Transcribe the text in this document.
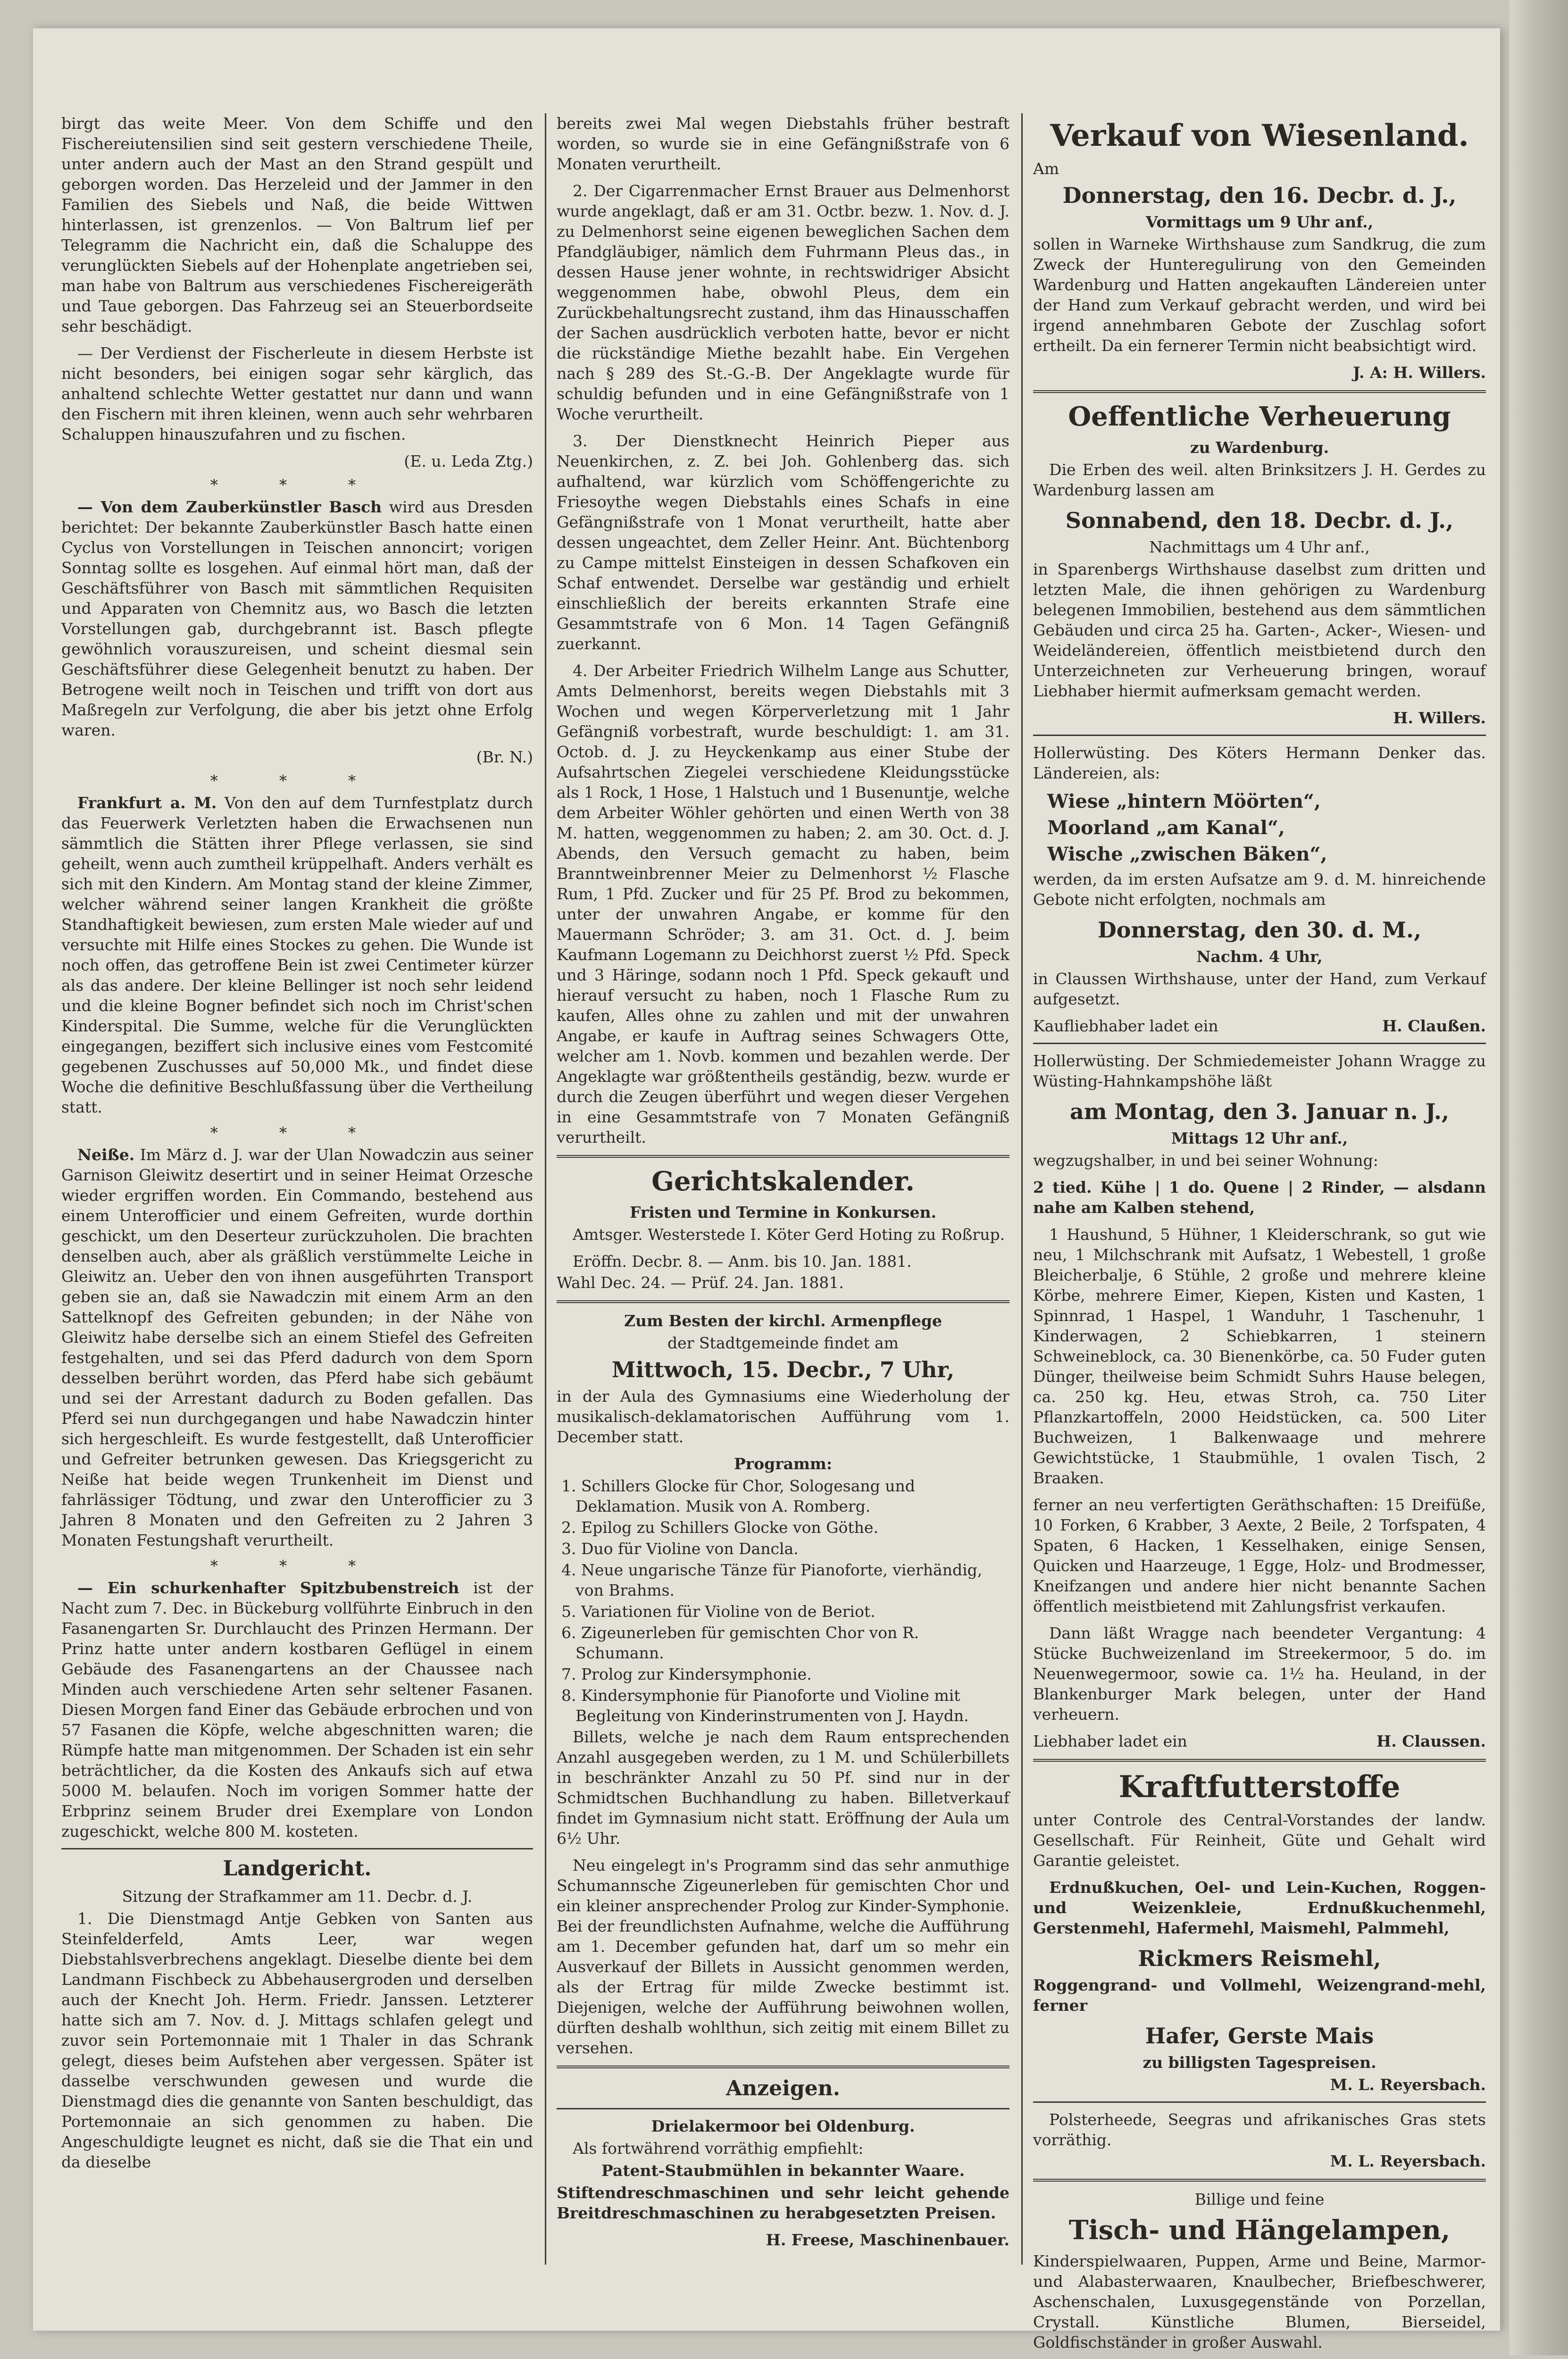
birgt das weite Meer. Von dem Schiffe und den Fischereiutensilien sind seit gestern verschiedene Theile, unter andern auch der Mast an den Strand gespült und geborgen worden. Das Herzeleid und der Jammer in den Familien des Siebels und Naß, die beide Wittwen hinterlassen, ist grenzenlos. — Von Baltrum lief per Telegramm die Nachricht ein, daß die Schaluppe des verunglückten Siebels auf der Hohenplate angetrieben sei, man habe von Baltrum aus verschiedenes Fischereigeräth und Taue geborgen. Das Fahrzeug sei an Steuerbordseite sehr beschädigt.

— Der Verdienst der Fischerleute in diesem Herbste ist nicht besonders, bei einigen sogar sehr kärglich, das anhaltend schlechte Wetter gestattet nur dann und wann den Fischern mit ihren kleinen, wenn auch sehr wehrbaren Schaluppen hinauszufahren und zu fischen.

(E. u. Leda Ztg.)
* * *

— Von dem Zauberkünstler Basch wird aus Dresden berichtet: Der bekannte Zauberkünstler Basch hatte einen Cyclus von Vorstellungen in Teischen annoncirt; vorigen Sonntag sollte es losgehen. Auf einmal hört man, daß der Geschäftsführer von Basch mit sämmtlichen Requisiten und Apparaten von Chemnitz aus, wo Basch die letzten Vorstellungen gab, durchgebrannt ist. Basch pflegte gewöhnlich vorauszureisen, und scheint diesmal sein Geschäftsführer diese Gelegenheit benutzt zu haben. Der Betrogene weilt noch in Teischen und trifft von dort aus Maßregeln zur Verfolgung, die aber bis jetzt ohne Erfolg waren.

(Br. N.)
* * *

Frankfurt a. M. Von den auf dem Turnfestplatz durch das Feuerwerk Verletzten haben die Erwachsenen nun sämmtlich die Stätten ihrer Pflege verlassen, sie sind geheilt, wenn auch zumtheil krüppelhaft. Anders verhält es sich mit den Kindern. Am Montag stand der kleine Zimmer, welcher während seiner langen Krankheit die größte Standhaftigkeit bewiesen, zum ersten Male wieder auf und versuchte mit Hilfe eines Stockes zu gehen. Die Wunde ist noch offen, das getroffene Bein ist zwei Centimeter kürzer als das andere. Der kleine Bellinger ist noch sehr leidend und die kleine Bogner befindet sich noch im Christ'schen Kinderspital. Die Summe, welche für die Verunglückten eingegangen, beziffert sich inclusive eines vom Festcomité gegebenen Zuschusses auf 50,000 Mk., und findet diese Woche die definitive Beschlußfassung über die Vertheilung statt.

* * *

Neiße. Im März d. J. war der Ulan Nowadczin aus seiner Garnison Gleiwitz desertirt und in seiner Heimat Orzesche wieder ergriffen worden. Ein Commando, bestehend aus einem Unterofficier und einem Gefreiten, wurde dorthin geschickt, um den Deserteur zurückzuholen. Die brachten denselben auch, aber als gräßlich verstümmelte Leiche in Gleiwitz an. Ueber den von ihnen ausgeführten Transport geben sie an, daß sie Nawadczin mit einem Arm an den Sattelknopf des Gefreiten gebunden; in der Nähe von Gleiwitz habe derselbe sich an einem Stiefel des Gefreiten festgehalten, und sei das Pferd dadurch von dem Sporn desselben berührt worden, das Pferd habe sich gebäumt und sei der Arrestant dadurch zu Boden gefallen. Das Pferd sei nun durchgegangen und habe Nawadczin hinter sich hergeschleift. Es wurde festgestellt, daß Unterofficier und Gefreiter betrunken gewesen. Das Kriegsgericht zu Neiße hat beide wegen Trunkenheit im Dienst und fahrlässiger Tödtung, und zwar den Unterofficier zu 3 Jahren 8 Monaten und den Gefreiten zu 2 Jahren 3 Monaten Festungshaft verurtheilt.

* * *

— Ein schurkenhafter Spitzbubenstreich ist der Nacht zum 7. Dec. in Bückeburg vollführte Einbruch in den Fasanengarten Sr. Durchlaucht des Prinzen Hermann. Der Prinz hatte unter andern kostbaren Geflügel in einem Gebäude des Fasanengartens an der Chaussee nach Minden auch verschiedene Arten sehr seltener Fasanen. Diesen Morgen fand Einer das Gebäude erbrochen und von 57 Fasanen die Köpfe, welche abgeschnitten waren; die Rümpfe hatte man mitgenommen. Der Schaden ist ein sehr beträchtlicher, da die Kosten des Ankaufs sich auf etwa 5000 M. belaufen. Noch im vorigen Sommer hatte der Erbprinz seinem Bruder drei Exemplare von London zugeschickt, welche 800 M. kosteten.

Landgericht.
Sitzung der Strafkammer am 11. Decbr. d. J.

1. Die Dienstmagd Antje Gebken von Santen aus Steinfelderfeld, Amts Leer, war wegen Diebstahlsverbrechens angeklagt. Dieselbe diente bei dem Landmann Fischbeck zu Abbehausergroden und derselben auch der Knecht Joh. Herm. Friedr. Janssen. Letzterer hatte sich am 7. Nov. d. J. Mittags schlafen gelegt und zuvor sein Portemonnaie mit 1 Thaler in das Schrank gelegt, dieses beim Aufstehen aber vergessen. Später ist dasselbe verschwunden gewesen und wurde die Dienstmagd dies die genannte von Santen beschuldigt, das Portemonnaie an sich genommen zu haben. Die Angeschuldigte leugnet es nicht, daß sie die That ein und da dieselbe

bereits zwei Mal wegen Diebstahls früher bestraft worden, so wurde sie in eine Gefängnißstrafe von 6 Monaten verurtheilt.

2. Der Cigarrenmacher Ernst Brauer aus Delmenhorst wurde angeklagt, daß er am 31. Octbr. bezw. 1. Nov. d. J. zu Delmenhorst seine eigenen beweglichen Sachen dem Pfandgläubiger, nämlich dem Fuhrmann Pleus das., in dessen Hause jener wohnte, in rechtswidriger Absicht weggenommen habe, obwohl Pleus, dem ein Zurückbehaltungsrecht zustand, ihm das Hinausschaffen der Sachen ausdrücklich verboten hatte, bevor er nicht die rückständige Miethe bezahlt habe. Ein Vergehen nach § 289 des St.-G.-B. Der Angeklagte wurde für schuldig befunden und in eine Gefängnißstrafe von 1 Woche verurtheilt.

3. Der Dienstknecht Heinrich Pieper aus Neuenkirchen, z. Z. bei Joh. Gohlenberg das. sich aufhaltend, war kürzlich vom Schöffengerichte zu Friesoythe wegen Diebstahls eines Schafs in eine Gefängnißstrafe von 1 Monat verurtheilt, hatte aber dessen ungeachtet, dem Zeller Heinr. Ant. Büchtenborg zu Campe mittelst Einsteigen in dessen Schafkoven ein Schaf entwendet. Derselbe war geständig und erhielt einschließlich der bereits erkannten Strafe eine Gesammtstrafe von 6 Mon. 14 Tagen Gefängniß zuerkannt.

4. Der Arbeiter Friedrich Wilhelm Lange aus Schutter, Amts Delmenhorst, bereits wegen Diebstahls mit 3 Wochen und wegen Körperverletzung mit 1 Jahr Gefängniß vorbestraft, wurde beschuldigt: 1. am 31. Octob. d. J. zu Heyckenkamp aus einer Stube der Aufsahrtschen Ziegelei verschiedene Kleidungsstücke als 1 Rock, 1 Hose, 1 Halstuch und 1 Busenuntje, welche dem Arbeiter Wöhler gehörten und einen Werth von 38 M. hatten, weggenommen zu haben; 2. am 30. Oct. d. J. Abends, den Versuch gemacht zu haben, beim Branntweinbrenner Meier zu Delmenhorst ½ Flasche Rum, 1 Pfd. Zucker und für 25 Pf. Brod zu bekommen, unter der unwahren Angabe, er komme für den Mauermann Schröder; 3. am 31. Oct. d. J. beim Kaufmann Logemann zu Deichhorst zuerst ½ Pfd. Speck und 3 Häringe, sodann noch 1 Pfd. Speck gekauft und hierauf versucht zu haben, noch 1 Flasche Rum zu kaufen, Alles ohne zu zahlen und mit der unwahren Angabe, er kaufe in Auftrag seines Schwagers Otte, welcher am 1. Novb. kommen und bezahlen werde. Der Angeklagte war größtentheils geständig, bezw. wurde er durch die Zeugen überführt und wegen dieser Vergehen in eine Gesammtstrafe von 7 Monaten Gefängniß verurtheilt.

Gerichtskalender.
Fristen und Termine in Konkursen.

Amtsger. Westerstede I. Köter Gerd Hoting zu Roßrup.

Eröffn. Decbr. 8. — Anm. bis 10. Jan. 1881.

Wahl Dec. 24. — Prüf. 24. Jan. 1881.

Zum Besten der kirchl. Armenpflege
der Stadtgemeinde findet am
Mittwoch, 15. Decbr., 7 Uhr,

in der Aula des Gymnasiums eine Wiederholung der musikalisch-deklamatorischen Aufführung vom 1. December statt.

Programm:
1. Schillers Glocke für Chor, Sologesang und Deklamation. Musik von A. Romberg.
2. Epilog zu Schillers Glocke von Göthe.
3. Duo für Violine von Dancla.
4. Neue ungarische Tänze für Pianoforte, vierhändig, von Brahms.
5. Variationen für Violine von de Beriot.
6. Zigeunerleben für gemischten Chor von R. Schumann.
7. Prolog zur Kindersymphonie.
8. Kindersymphonie für Pianoforte und Violine mit Begleitung von Kinderinstrumenten von J. Haydn.

Billets, welche je nach dem Raum entsprechenden Anzahl ausgegeben werden, zu 1 M. und Schülerbillets in beschränkter Anzahl zu 50 Pf. sind nur in der Schmidtschen Buchhandlung zu haben. Billetverkauf findet im Gymnasium nicht statt. Eröffnung der Aula um 6½ Uhr.

Neu eingelegt in's Programm sind das sehr anmuthige Schumannsche Zigeunerleben für gemischten Chor und ein kleiner ansprechender Prolog zur Kinder-Symphonie. Bei der freundlichsten Aufnahme, welche die Aufführung am 1. December gefunden hat, darf um so mehr ein Ausverkauf der Billets in Aussicht genommen werden, als der Ertrag für milde Zwecke bestimmt ist. Diejenigen, welche der Aufführung beiwohnen wollen, dürften deshalb wohlthun, sich zeitig mit einem Billet zu versehen.

Anzeigen.
Drielakermoor bei Oldenburg.

Als fortwährend vorräthig empfiehlt:

Patent-Staubmühlen in bekannter Waare.

Stiftendreschmaschinen und sehr leicht gehende Breitdreschmaschinen zu herabgesetzten Preisen.

H. Freese, Maschinenbauer.
Verkauf von Wiesenland.
Am
Donnerstag, den 16. Decbr. d. J.,
Vormittags um 9 Uhr anf.,

sollen in Warneke Wirthshause zum Sandkrug, die zum Zweck der Hunteregulirung von den Gemeinden Wardenburg und Hatten angekauften Ländereien unter der Hand zum Verkauf gebracht werden, und wird bei irgend annehmbaren Gebote der Zuschlag sofort ertheilt. Da ein fernerer Termin nicht beabsichtigt wird.

J. A: H. Willers.
Oeffentliche Verheuerung
zu Wardenburg.

Die Erben des weil. alten Brinksitzers J. H. Gerdes zu Wardenburg lassen am

Sonnabend, den 18. Decbr. d. J.,
Nachmittags um 4 Uhr anf.,

in Sparenbergs Wirthshause daselbst zum dritten und letzten Male, die ihnen gehörigen zu Wardenburg belegenen Immobilien, bestehend aus dem sämmtlichen Gebäuden und circa 25 ha. Garten-, Acker-, Wiesen- und Weideländereien, öffentlich meistbietend durch den Unterzeichneten zur Verheuerung bringen, worauf Liebhaber hiermit aufmerksam gemacht werden.

H. Willers.

Hollerwüsting. Des Köters Hermann Denker das. Ländereien, als:

Wiese „hintern Möörten“,
Moorland „am Kanal“,
Wische „zwischen Bäken“,

werden, da im ersten Aufsatze am 9. d. M. hinreichende Gebote nicht erfolgten, nochmals am

Donnerstag, den 30. d. M.,
Nachm. 4 Uhr,

in Claussen Wirthshause, unter der Hand, zum Verkauf aufgesetzt.

Kaufliebhaber ladet ein	H. Claußen.

Hollerwüsting. Der Schmiedemeister Johann Wragge zu Wüsting-Hahnkampshöhe läßt

am Montag, den 3. Januar n. J.,
Mittags 12 Uhr anf.,

wegzugshalber, in und bei seiner Wohnung:

2 tied. Kühe | 1 do. Quene | 2 Rinder, — alsdann nahe am Kalben stehend,

1 Haushund, 5 Hühner, 1 Kleiderschrank, so gut wie neu, 1 Milchschrank mit Aufsatz, 1 Webestell, 1 große Bleicherbalje, 6 Stühle, 2 große und mehrere kleine Körbe, mehrere Eimer, Kiepen, Kisten und Kasten, 1 Spinnrad, 1 Haspel, 1 Wanduhr, 1 Taschenuhr, 1 Kinderwagen, 2 Schiebkarren, 1 steinern Schweineblock, ca. 30 Bienenkörbe, ca. 50 Fuder guten Dünger, theilweise beim Schmidt Suhrs Hause belegen, ca. 250 kg. Heu, etwas Stroh, ca. 750 Liter Pflanzkartoffeln, 2000 Heidstücken, ca. 500 Liter Buchweizen, 1 Balkenwaage und mehrere Gewichtstücke, 1 Staubmühle, 1 ovalen Tisch, 2 Braaken.

ferner an neu verfertigten Geräthschaften: 15 Dreifüße, 10 Forken, 6 Krabber, 3 Aexte, 2 Beile, 2 Torfspaten, 4 Spaten, 6 Hacken, 1 Kesselhaken, einige Sensen, Quicken und Haarzeuge, 1 Egge, Holz- und Brodmesser, Kneifzangen und andere hier nicht benannte Sachen öffentlich meistbietend mit Zahlungsfrist verkaufen.

Dann läßt Wragge nach beendeter Vergantung: 4 Stücke Buchweizenland im Streekermoor, 5 do. im Neuenwegermoor, sowie ca. 1½ ha. Heuland, in der Blankenburger Mark belegen, unter der Hand verheuern.

Liebhaber ladet ein	H. Claussen.
Kraftfutterstoffe

unter Controle des Central-Vorstandes der landw. Gesellschaft. Für Reinheit, Güte und Gehalt wird Garantie geleistet.

Erdnußkuchen, Oel- und Lein-Kuchen, Roggen- und Weizenkleie, Erdnußkuchenmehl, Gerstenmehl, Hafermehl, Maismehl, Palmmehl,

Rickmers Reismehl,

Roggengrand- und Vollmehl, Weizengrand-mehl, ferner

Hafer, Gerste Mais
zu billigsten Tagespreisen.
M. L. Reyersbach.

Polsterheede, Seegras und afrikanisches Gras stets vorräthig.

M. L. Reyersbach.
Billige und feine
Tisch- und Hängelampen,

Kinderspielwaaren, Puppen, Arme und Beine, Marmor- und Alabasterwaaren, Knaulbecher, Briefbeschwerer, Aschenschalen, Luxusgegenstände von Porzellan, Crystall. Künstliche Blumen, Bierseidel, Goldfischständer in großer Auswahl.
